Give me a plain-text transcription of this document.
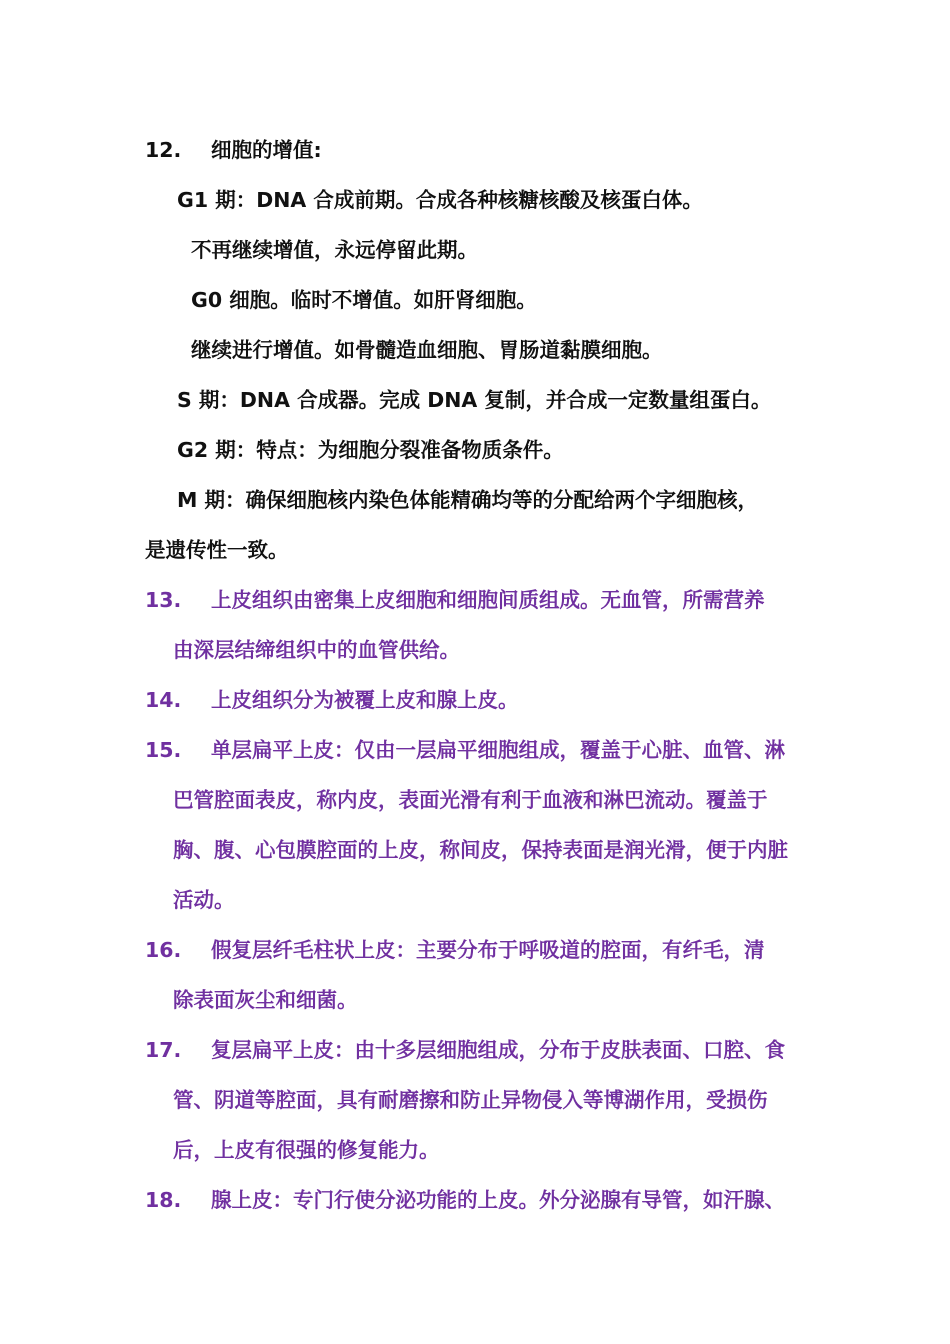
12. 细胞的增值:
G1 期：DNA 合成前期。合成各种核糖核酸及核蛋白体。
不再继续增值，永远停留此期。
G0 细胞。临时不增值。如肝肾细胞。
继续进行增值。如骨髓造血细胞、胃肠道黏膜细胞。
S 期：DNA 合成器。完成 DNA 复制，并合成一定数量组蛋白。
G2 期：特点：为细胞分裂准备物质条件。
M 期：确保细胞核内染色体能精确均等的分配给两个字细胞核，
是遗传性一致。
13. 上皮组织由密集上皮细胞和细胞间质组成。无血管，所需营养
由深层结缔组织中的血管供给。
14. 上皮组织分为被覆上皮和腺上皮。
15. 单层扁平上皮：仅由一层扁平细胞组成，覆盖于心脏、血管、淋
巴管腔面表皮，称内皮，表面光滑有利于血液和淋巴流动。覆盖于
胸、腹、心包膜腔面的上皮，称间皮，保持表面是润光滑，便于内脏
活动。
16. 假复层纤毛柱状上皮：主要分布于呼吸道的腔面，有纤毛，清
除表面灰尘和细菌。
17. 复层扁平上皮：由十多层细胞组成，分布于皮肤表面、口腔、食
管、阴道等腔面，具有耐磨擦和防止异物侵入等博湖作用，受损伤
后，上皮有很强的修复能力。
18. 腺上皮：专门行使分泌功能的上皮。外分泌腺有导管，如汗腺、
